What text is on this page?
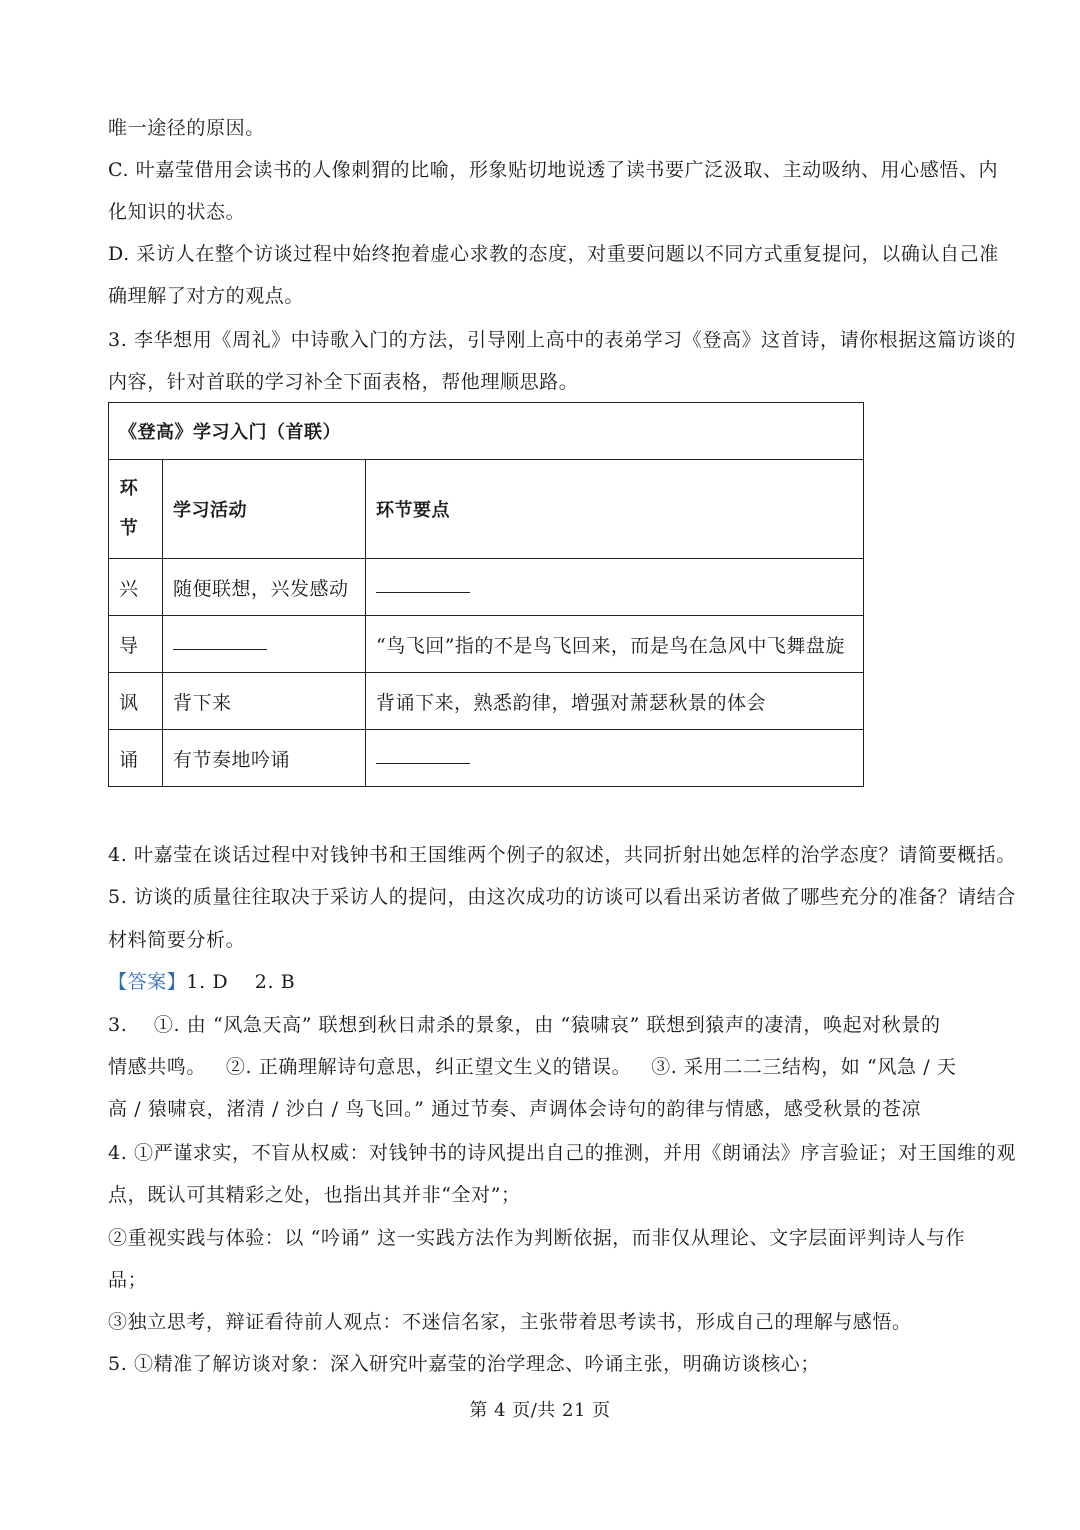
唯一途径的原因。
C. 叶嘉莹借用会读书的人像刺猬的比喻，形象贴切地说透了读书要广泛汲取、主动吸纳、用心感悟、内
化知识的状态。
D. 采访人在整个访谈过程中始终抱着虚心求教的态度，对重要问题以不同方式重复提问，以确认自己准
确理解了对方的观点。
3. 李华想用《周礼》中诗歌入门的方法，引导刚上高中的表弟学习《登高》这首诗，请你根据这篇访谈的
内容，针对首联的学习补全下面表格，帮他理顺思路。
《登高》学习入门（首联）		

环
节	学习活动	环节要点
兴	随便联想，兴发感动	
导		“鸟飞回”指的不是鸟飞回来，而是鸟在急风中飞舞盘旋
讽	背下来	背诵下来，熟悉韵律，增强对萧瑟秋景的体会
诵	有节奏地吟诵	
4. 叶嘉莹在谈话过程中对钱钟书和王国维两个例子的叙述，共同折射出她怎样的治学态度？请简要概括。
5. 访谈的质量往往取决于采访人的提问，由这次成功的访谈可以看出采访者做了哪些充分的准备？请结合
材料简要分析。
【答案】1. D    2. B
3.    ①. 由 “风急天高” 联想到秋日肃杀的景象，由 “猿啸哀” 联想到猿声的凄清，唤起对秋景的
情感共鸣。   ②. 正确理解诗句意思，纠正望文生义的错误。   ③. 采用二二三结构，如 “风急 / 天
高 / 猿啸哀，渚清 / 沙白 / 鸟飞回。” 通过节奏、声调体会诗句的韵律与情感，感受秋景的苍凉
4. ①严谨求实，不盲从权威：对钱钟书的诗风提出自己的推测，并用《朗诵法》序言验证；对王国维的观
点，既认可其精彩之处，也指出其并非“全对”；
②重视实践与体验：以 “吟诵” 这一实践方法作为判断依据，而非仅从理论、文字层面评判诗人与作
品；
③独立思考，辩证看待前人观点：不迷信名家，主张带着思考读书，形成自己的理解与感悟。
5. ①精准了解访谈对象：深入研究叶嘉莹的治学理念、吟诵主张，明确访谈核心；
第 4 页/共 21 页
